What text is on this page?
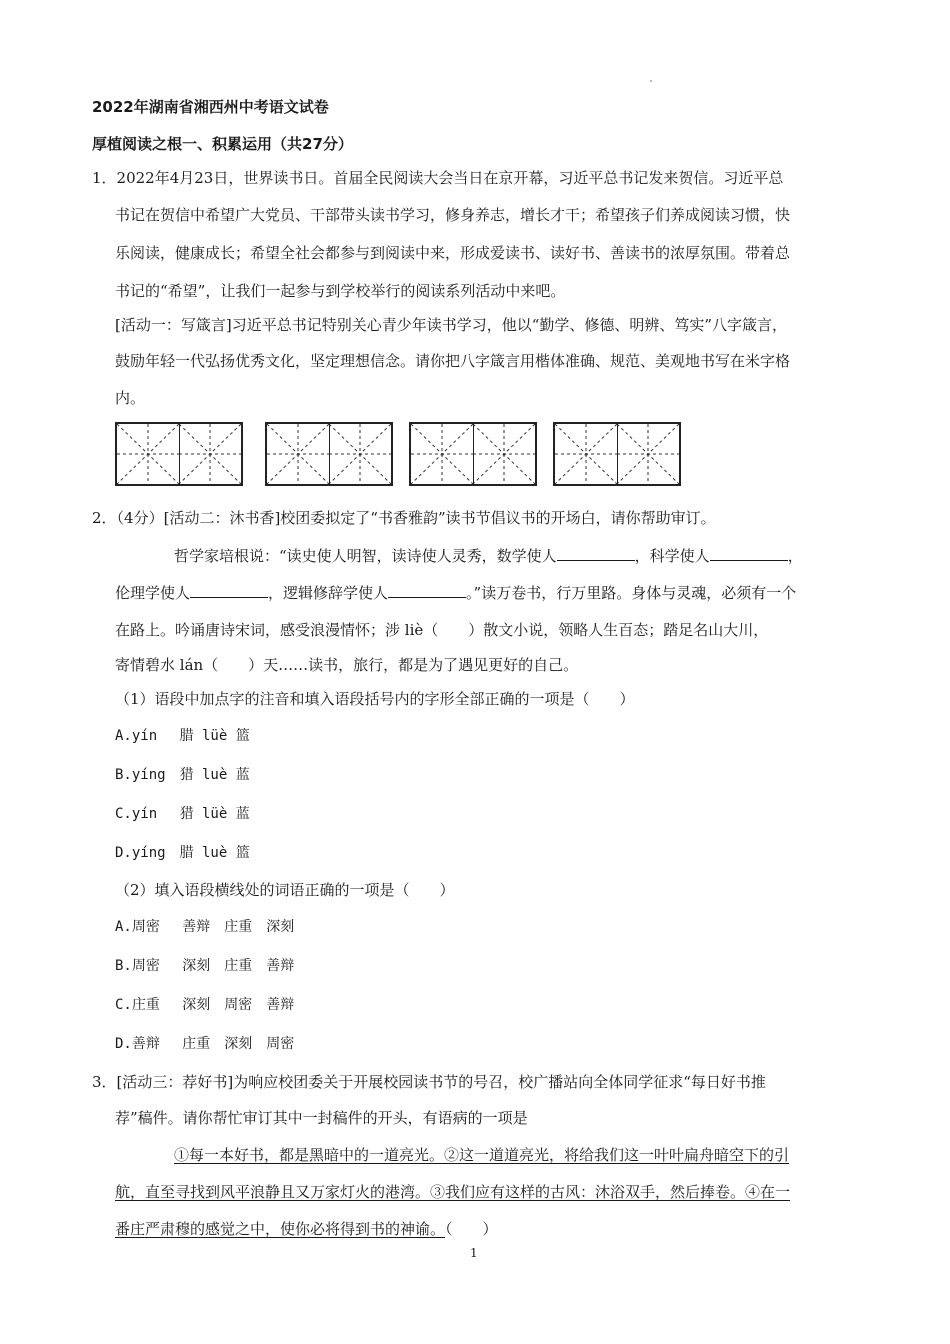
2022年湖南省湘西州中考语文试卷
厚植阅读之根一、积累运用（共27分）
1．2022年4月23日，世界读书日。首届全民阅读大会当日在京开幕，习近平总书记发来贺信。习近平总
书记在贺信中希望广大党员、干部带头读书学习，修身养志，增长才干；希望孩子们养成阅读习惯，快
乐阅读，健康成长；希望全社会都参与到阅读中来，形成爱读书、读好书、善读书的浓厚氛围。带着总
书记的“希望”，让我们一起参与到学校举行的阅读系列活动中来吧。
[活动一：写箴言]习近平总书记特别关心青少年读书学习，他以“勤学、修德、明辨、笃实”八字箴言，
鼓励年轻一代弘扬优秀文化，坚定理想信念。请你把八字箴言用楷体准确、规范、美观地书写在米字格
内。
2．（4分）[活动二：沐书香]校团委拟定了“书香雅韵”读书节倡议书的开场白，请你帮助审订。
哲学家培根说：“读史使人明智，读诗使人灵秀，数学使人	，科学使人	，
伦理学使人	，逻辑修辞学使人	。”读万卷书，行万里路。身体与灵魂，必须有一个
在路上。吟诵唐诗宋词，感受浪漫情怀；涉 liè（　　）散文小说，领略人生百态；踏足名山大川，
寄情碧水 lán（　　）天……读书，旅行，都是为了遇见更好的自己。
（1）语段中加点字的注音和填入语段括号内的字形全部正确的一项是（　　）
A.yín　 腊 lüè 篮
B.yíng　猎 luè 蓝
C.yín　 猎 lüè 蓝
D.yíng　腊 luè 篮
（2）填入语段横线处的词语正确的一项是（　　）
A.周密　 善辩　庄重　深刻
B.周密　 深刻　庄重　善辩
C.庄重　 深刻　周密　善辩
D.善辩　 庄重　深刻　周密
3．[活动三：荐好书]为响应校团委关于开展校园读书节的号召，校广播站向全体同学征求“每日好书推
荐”稿件。请你帮忙审订其中一封稿件的开头，有语病的一项是
①每一本好书，都是黑暗中的一道亮光。②这一道道亮光，将给我们这一叶叶扁舟暗空下的引
航，直至寻找到风平浪静且又万家灯火的港湾。③我们应有这样的古风：沐浴双手，然后捧卷。④在一
番庄严肃穆的感觉之中，使你必将得到书的神谕。（　　）
1
